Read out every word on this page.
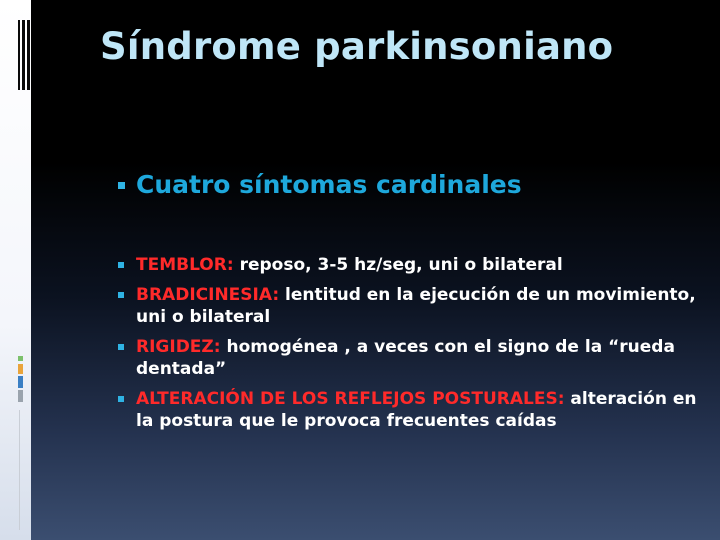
Síndrome parkinsoniano
Cuatro síntomas cardinales
TEMBLOR: reposo, 3-5 hz/seg, uni o bilateral
BRADICINESIA: lentitud en la ejecución de un movimiento, uni o bilateral
RIGIDEZ: homogénea , a veces con el signo de la “rueda dentada”
ALTERACIÓN DE LOS REFLEJOS POSTURALES: alteración en la postura que le provoca frecuentes caídas
